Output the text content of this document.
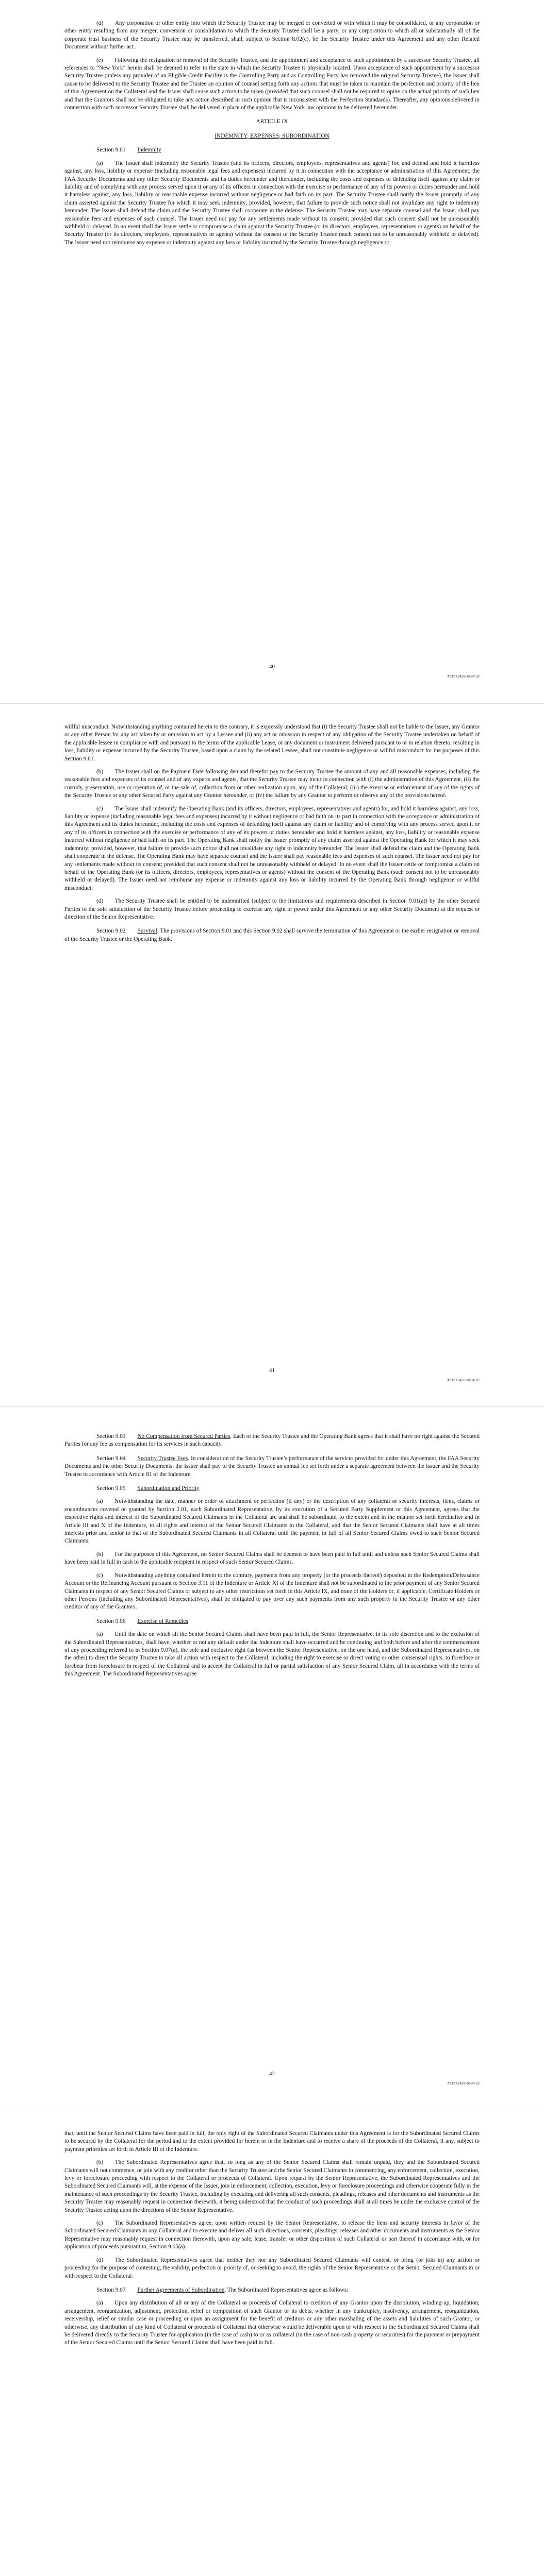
(d)  Any corporation or other entity into which the Security Trustee may be merged or converted or with which it may be consolidated, or any corporation or other entity resulting from any merger, conversion or consolidation to which the Security Trustee shall be a party, or any corporation to which all or substantially all of the corporate trust business of the Security Trustee may be transferred, shall, subject to Section 8.02(c), be the Security Trustee under this Agreement and any other Related Document without further act.

(e)  Following the resignation or removal of the Security Trustee, and the appointment and acceptance of such appointment by a successor Security Trustee, all references to “New York” herein shall be deemed to refer to the state in which the Security Trustee is physically located. Upon acceptance of such appointment by a successor Security Trustee (unless any provider of an Eligible Credit Facility is the Controlling Party and as Controlling Party has removed the original Security Trustee), the Issuer shall cause to be delivered to the Security Trustee and the Trustee an opinion of counsel setting forth any actions that must be taken to maintain the perfection and priority of the lien of this Agreement on the Collateral and the Issuer shall cause such action to be taken (provided that such counsel shall not be required to opine on the actual priority of such lien and that the Grantors shall not be obligated to take any action described in such opinion that is inconsistent with the Perfection Standards). Thereafter, any opinions delivered in connection with such successor Security Trustee shall be delivered in place of the applicable New York law opinions to be delivered hereunder.

ARTICLE IX
INDEMNITY; EXPENSES; SUBORDINATION
Section 9.01 Indemnity

(a)  The Issuer shall indemnify the Security Trustee (and its officers, directors, employees, representatives and agents) for, and defend and hold it harmless against, any loss, liability or expense (including reasonable legal fees and expenses) incurred by it in connection with the acceptance or administration of this Agreement, the FAA Security Documents and any other Security Documents and its duties hereunder and thereunder, including the costs and expenses of defending itself against any claim or liability and of complying with any process served upon it or any of its officers in connection with the exercise or performance of any of its powers or duties hereunder and hold it harmless against, any loss, liability or reasonable expense incurred without negligence or bad faith on its part. The Security Trustee shall notify the Issuer promptly of any claim asserted against the Security Trustee for which it may seek indemnity; provided, however, that failure to provide such notice shall not invalidate any right to indemnity hereunder. The Issuer shall defend the claim and the Security Trustee shall cooperate in the defense. The Security Trustee may have separate counsel and the Issuer shall pay reasonable fees and expenses of such counsel. The Issuer need not pay for any settlements made without its consent; provided that such consent shall not be unreasonably withheld or delayed. In no event shall the Issuer settle or compromise a claim against the Security Trustee (or its directors, employees, representatives or agents) on behalf of the Security Trustee (or its directors, employees, representatives or agents) without the consent of the Security Trustee (such consent not to be unreasonably withheld or delayed). The Issuer need not reimburse any expense or indemnity against any loss or liability incurred by the Security Trustee through negligence or

40
#91672423-6484 v2

willful misconduct. Notwithstanding anything contained herein to the contrary, it is expressly understood that (i) the Security Trustee shall not be liable to the Issuer, any Grantor or any other Person for any act taken by or omission to act by a Lessee and (ii) any act or omission in respect of any obligation of the Security Trustee undertaken on behalf of the applicable lessee in compliance with and pursuant to the terms of the applicable Lease, or any document or instrument delivered pursuant to or in relation thereto, resulting in loss, liability or expense incurred by the Security Trustee, based upon a claim by the related Lessee, shall not constitute negligence or willful misconduct for the purposes of this Section 9.01.

(b)  The Issuer shall on the Payment Date following demand therefor pay to the Security Trustee the amount of any and all reasonable expenses, including the reasonable fees and expenses of its counsel and of any experts and agents, that the Security Trustee may incur in connection with (i) the administration of this Agreement, (ii) the custody, preservation, use or operation of, or the sale of, collection from or other realization upon, any of the Collateral, (iii) the exercise or enforcement of any of the rights of the Security Trustee or any other Secured Party against any Grantor hereunder, or (iv) the failure by any Grantor to perform or observe any of the provisions hereof.

(c)  The Issuer shall indemnify the Operating Bank (and its officers, directors, employees, representatives and agents) for, and hold it harmless against, any loss, liability or expense (including reasonable legal fees and expenses) incurred by it without negligence or bad faith on its part in connection with the acceptance or administration of this Agreement and its duties hereunder, including the costs and expenses of defending itself against any claim or liability and of complying with any process served upon it or any of its officers in connection with the exercise or performance of any of its powers or duties hereunder and hold it harmless against, any loss, liability or reasonable expense incurred without negligence or bad faith on its part. The Operating Bank shall notify the Issuer promptly of any claim asserted against the Operating Bank for which it may seek indemnity; provided, however, that failure to provide such notice shall not invalidate any right to indemnity hereunder. The Issuer shall defend the claim and the Operating Bank shall cooperate in the defense. The Operating Bank may have separate counsel and the Issuer shall pay reasonable fees and expenses of such counsel. The Issuer need not pay for any settlements made without its consent; provided that such consent shall not be unreasonably withheld or delayed. In no event shall the Issuer settle or compromise a claim on behalf of the Operating Bank (or its officers, directors, employees, representatives or agents) without the consent of the Operating Bank (such consent not to be unreasonably withheld or delayed). The Issuer need not reimburse any expense or indemnity against any loss or liability incurred by the Operating Bank through negligence or willful misconduct.

(d)  The Security Trustee shall be entitled to be indemnified (subject to the limitations and requirements described in Section 9.01(a)) by the other Secured Parties to the sole satisfaction of the Security Trustee before proceeding to exercise any right or power under this Agreement or any other Security Document at the request or direction of the Senior Representative.

Section 9.02 Survival. The provisions of Section 9.01 and this Section 9.02 shall survive the termination of this Agreement or the earlier resignation or removal of the Security Trustee or the Operating Bank.

41
#91672423-6484 v2

Section 9.03 No Compensation from Secured Parties. Each of the Security Trustee and the Operating Bank agrees that it shall have no right against the Secured Parties for any fee as compensation for its services in such capacity.

Section 9.04 Security Trustee Fees. In consideration of the Security Trustee’s performance of the services provided for under this Agreement, the FAA Security Documents and the other Security Documents, the Issuer shall pay to the Security Trustee an annual fee set forth under a separate agreement between the Issuer and the Security Trustee in accordance with Article III of the Indenture.

Section 9.05 Subordination and Priority

(a)  Notwithstanding the date, manner or order of attachment or perfection (if any) or the description of any collateral or security interests, liens, claims or encumbrances covered or granted by Section 2.01, each Subordinated Representative, by its execution of a Secured Party Supplement or this Agreement, agrees that the respective rights and interest of the Subordinated Secured Claimants in the Collateral are and shall be subordinate, to the extent and in the manner set forth hereinafter and in Article III and X of the Indenture, to all rights and interest of the Senior Secured Claimants in the Collateral, and that the Senior Secured Claimants shall have at all times interests prior and senior to that of the Subordinated Secured Claimants in all Collateral until the payment in full of all Senior Secured Claims owed to such Senior Secured Claimants.

(b)  For the purposes of this Agreement, no Senior Secured Claims shall be deemed to have been paid in full until and unless such Senior Secured Claims shall have been paid in full in cash to the applicable recipient in respect of such Senior Secured Claims.

(c)  Notwithstanding anything contained herein to the contrary, payments from any property (or the proceeds thereof) deposited in the Redemption/Defeasance Account or the Refinancing Account pursuant to Section 3.11 of the Indenture or Article XI of the Indenture shall not be subordinated to the prior payment of any Senior Secured Claimants in respect of any Senior Secured Claims or subject to any other restrictions set forth in this Article IX, and none of the Holders or, if applicable, Certificate Holders or other Persons (including any Subordinated Representatives), shall be obligated to pay over any such payments from any such property to the Security Trustee or any other creditor of any of the Grantors.

Section 9.06 Exercise of Remedies

(a)  Until the date on which all the Senior Secured Claims shall have been paid in full, the Senior Representative, in its sole discretion and to the exclusion of the Subordinated Representatives, shall have, whether or not any default under the Indenture shall have occurred and be continuing and both before and after the commencement of any proceeding referred to in Section 9.07(a), the sole and exclusive right (as between the Senior Representative, on the one hand, and the Subordinated Representatives, on the other) to direct the Security Trustee to take all action with respect to the Collateral, including the right to exercise or direct voting or other consensual rights, to foreclose or forebear from foreclosure in respect of the Collateral and to accept the Collateral in full or partial satisfaction of any Senior Secured Claim, all in accordance with the terms of this Agreement. The Subordinated Representatives agree

42
#91672423-6484 v2

that, until the Senior Secured Claims have been paid in full, the only right of the Subordinated Secured Claimants under this Agreement is for the Subordinated Secured Claims to be secured by the Collateral for the period and to the extent provided for herein or in the Indenture and to receive a share of the proceeds of the Collateral, if any, subject to payment priorities set forth in Article III of the Indenture.

(b)  The Subordinated Representatives agree that, so long as any of the Senior Secured Claims shall remain unpaid, they and the Subordinated Secured Claimants will not commence, or join with any creditor other than the Security Trustee and the Senior Secured Claimants in commencing, any enforcement, collection, execution, levy or foreclosure proceeding with respect to the Collateral or proceeds of Collateral. Upon request by the Senior Representative, the Subordinated Representatives and the Subordinated Secured Claimants will, at the expense of the Issuer, join in enforcement, collection, execution, levy or foreclosure proceedings and otherwise cooperate fully in the maintenance of such proceedings by the Security Trustee, including by executing and delivering all such consents, pleadings, releases and other documents and instruments as the Security Trustee may reasonably request in connection therewith, it being understood that the conduct of such proceedings shall at all times be under the exclusive control of the Security Trustee acting upon the directions of the Senior Representative.

(c)  The Subordinated Representatives agree, upon written request by the Senior Representative, to release the liens and security interests in favor of the Subordinated Secured Claimants in any Collateral and to execute and deliver all such directions, consents, pleadings, releases and other documents and instruments as the Senior Representative may reasonably request in connection therewith, upon any sale, lease, transfer or other disposition of such Collateral or part thereof in accordance with, or for application of proceeds pursuant to, Section 9.05(a).

(d)  The Subordinated Representatives agree that neither they nor any Subordinated Secured Claimants will contest, or bring (or join in) any action or proceeding for the purpose of contesting, the validity, perfection or priority of, or seeking to avoid, the rights of the Senior Representative or the Senior Secured Claimants in or with respect to the Collateral.

Section 9.07 Further Agreements of Subordination. The Subordinated Representatives agree as follows:

(a)  Upon any distribution of all or any of the Collateral or proceeds of Collateral to creditors of any Grantor upon the dissolution, winding-up, liquidation, arrangement, reorganization, adjustment, protection, relief or composition of such Grantor or its debts, whether in any bankruptcy, insolvency, arrangement, reorganization, receivership, relief or similar case or proceeding or upon an assignment for the benefit of creditors or any other marshaling of the assets and liabilities of such Grantor, or otherwise, any distribution of any kind of Collateral or proceeds of Collateral that otherwise would be deliverable upon or with respect to the Subordinated Secured Claims shall be delivered directly to the Security Trustee for application (in the case of cash) to or as collateral (in the case of non-cash property or securities) for the payment or prepayment of the Senior Secured Claims until the Senior Secured Claims shall have been paid in full.
